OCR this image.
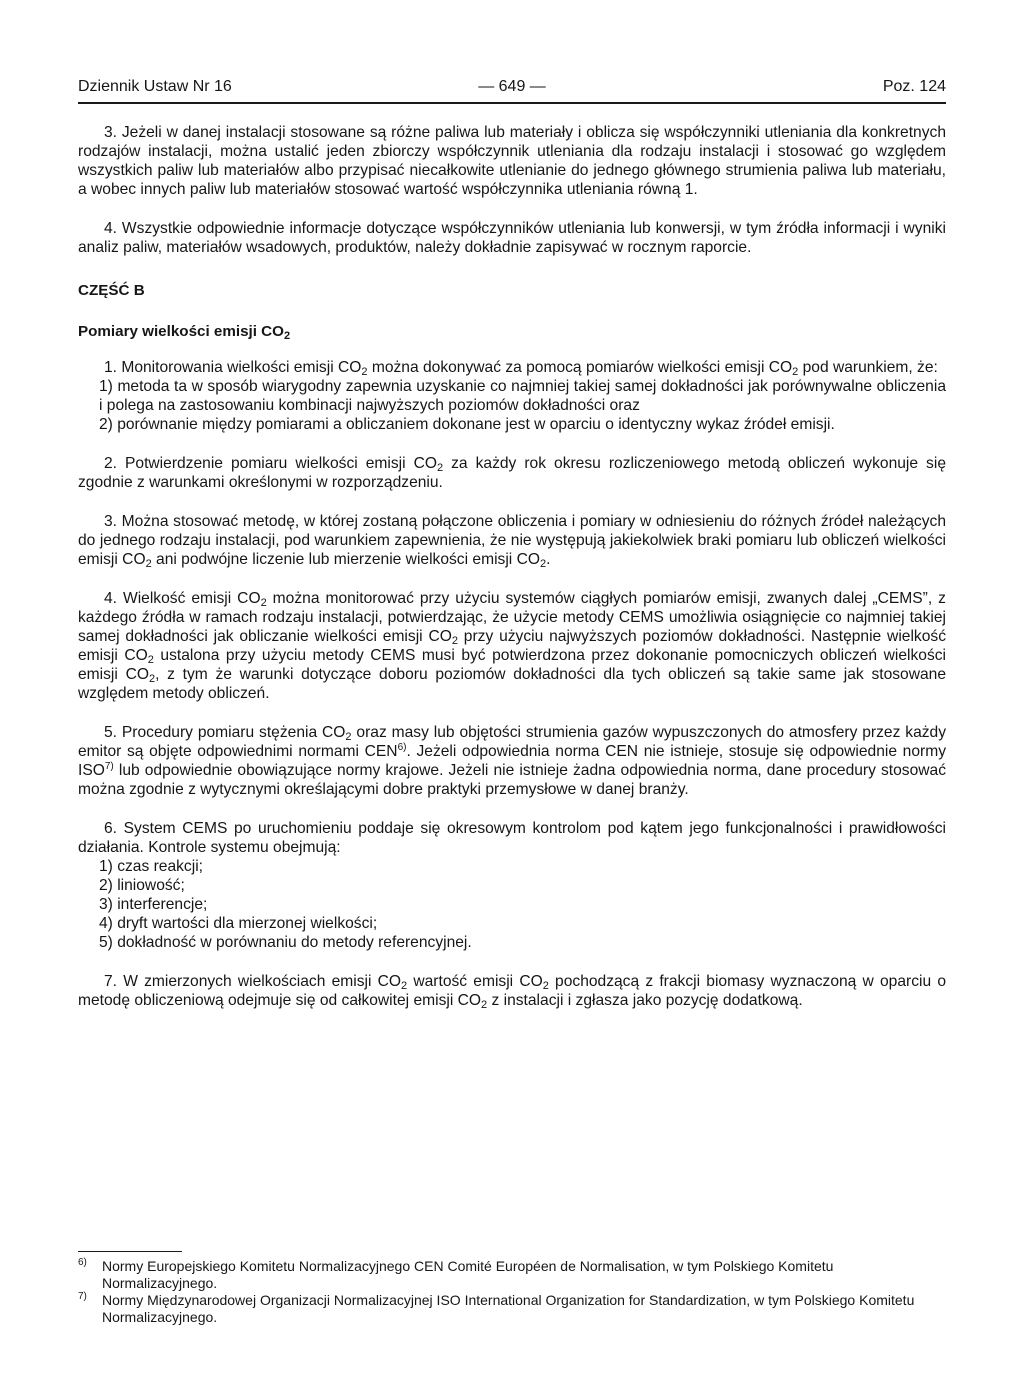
Dziennik Ustaw Nr 16	— 649 —	Poz. 124

3. Jeżeli w danej instalacji stosowane są różne paliwa lub materiały i oblicza się współczynniki utleniania dla konkretnych rodzajów instalacji, można ustalić jeden zbiorczy współczynnik utleniania dla rodzaju instalacji i stosować go względem wszystkich paliw lub materiałów albo przypisać niecałkowite utlenianie do jednego głównego strumienia paliwa lub materiału, a wobec innych paliw lub materiałów stosować wartość współczynnika utleniania równą 1.

4. Wszystkie odpowiednie informacje dotyczące współczynników utleniania lub konwersji, w tym źródła informacji i wyniki analiz paliw, materiałów wsadowych, produktów, należy dokładnie zapisywać w rocznym raporcie.

CZĘŚĆ B

Pomiary wielkości emisji $CO_2$

1. Monitorowania wielkości emisji $CO_2$ można dokonywać za pomocą pomiarów wielkości emisji $CO_2$ pod warunkiem, że:

1) metoda ta w sposób wiarygodny zapewnia uzyskanie co najmniej takiej samej dokładności jak porównywalne obliczenia i polega na zastosowaniu kombinacji najwyższych poziomów dokładności oraz

2) porównanie między pomiarami a obliczaniem dokonane jest w oparciu o identyczny wykaz źródeł emisji.

2. Potwierdzenie pomiaru wielkości emisji $CO_2$ za każdy rok okresu rozliczeniowego metodą obliczeń wykonuje się zgodnie z warunkami określonymi w rozporządzeniu.

3. Można stosować metodę, w której zostaną połączone obliczenia i pomiary w odniesieniu do różnych źródeł należących do jednego rodzaju instalacji, pod warunkiem zapewnienia, że nie występują jakiekolwiek braki pomiaru lub obliczeń wielkości emisji $CO_2$ ani podwójne liczenie lub mierzenie wielkości emisji $CO_2$.

4. Wielkość emisji $CO_2$ można monitorować przy użyciu systemów ciągłych pomiarów emisji, zwanych dalej „CEMS”, z każdego źródła w ramach rodzaju instalacji, potwierdzając, że użycie metody CEMS umożliwia osiągnięcie co najmniej takiej samej dokładności jak obliczanie wielkości emisji $CO_2$ przy użyciu najwyższych poziomów dokładności. Następnie wielkość emisji $CO_2$ ustalona przy użyciu metody CEMS musi być potwierdzona przez dokonanie pomocniczych obliczeń wielkości emisji $CO_2$, z tym że warunki dotyczące doboru poziomów dokładności dla tych obliczeń są takie same jak stosowane względem metody obliczeń.

5. Procedury pomiaru stężenia $CO_2$ oraz masy lub objętości strumienia gazów wypuszczonych do atmosfery przez każdy emitor są objęte odpowiednimi normami CEN$^{6)}$. Jeżeli odpowiednia norma CEN nie istnieje, stosuje się odpowiednie normy ISO$^{7)}$ lub odpowiednie obowiązujące normy krajowe. Jeżeli nie istnieje żadna odpowiednia norma, dane procedury stosować można zgodnie z wytycznymi określającymi dobre praktyki przemysłowe w danej branży.

6. System CEMS po uruchomieniu poddaje się okresowym kontrolom pod kątem jego funkcjonalności i prawidłowości działania. Kontrole systemu obejmują:

1) czas reakcji;

2) liniowość;

3) interferencje;

4) dryft wartości dla mierzonej wielkości;

5) dokładność w porównaniu do metody referencyjnej.

7. W zmierzonych wielkościach emisji $CO_2$ wartość emisji $CO_2$ pochodzącą z frakcji biomasy wyznaczoną w oparciu o metodę obliczeniową odejmuje się od całkowitej emisji $CO_2$ z instalacji i zgłasza jako pozycję dodatkową.

6) Normy Europejskiego Komitetu Normalizacyjnego CEN Comité Européen de Normalisation, w tym Polskiego Komitetu Normalizacyjnego.
7) Normy Międzynarodowej Organizacji Normalizacyjnej ISO International Organization for Standardization, w tym Polskiego Komitetu Normalizacyjnego.
